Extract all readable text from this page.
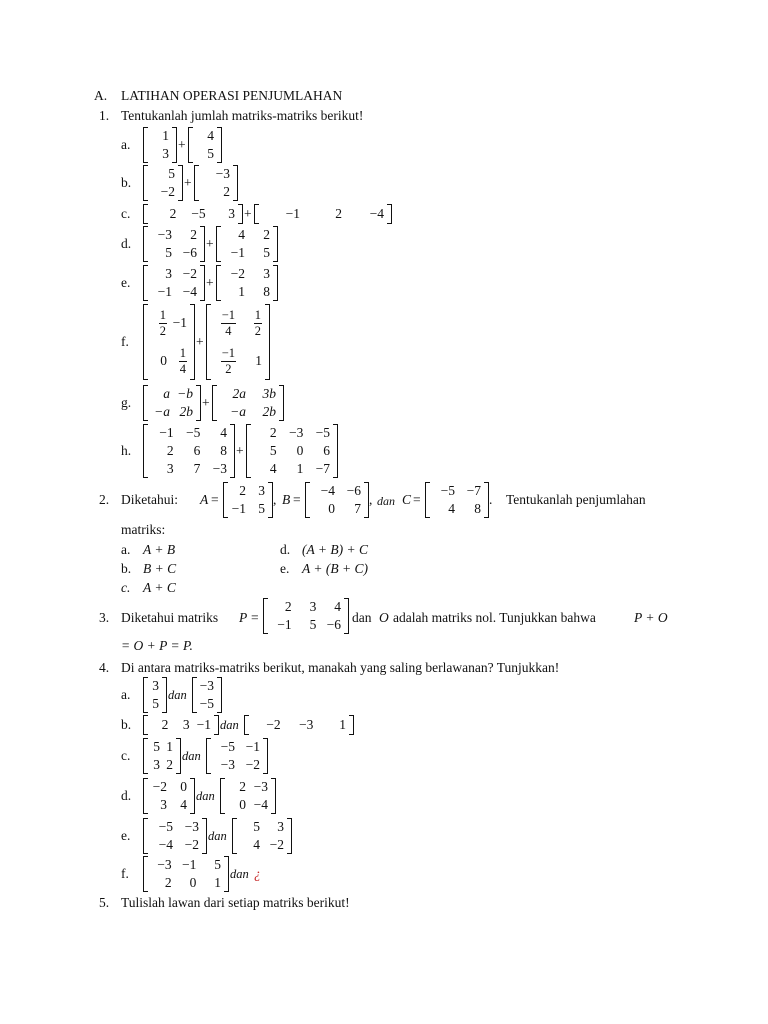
A. LATIHAN OPERASI PENJUMLAHAN
1. Tentukanlah jumlah matriks-matriks berikut!
2. Diketahui:	Tentukanlah penjumlahan
matriks:
3. Diketahui matriks	dan O adalah matriks nol. Tunjukkan bahwa	P + O
= O + P = P.
4. Di antara matriks-matriks berikut, manakah yang saling berlawanan? Tunjukkan!
5. Tulislah lawan dari setiap matriks berikut!
a.
1
3
+
4
5
b.
5
−2
+
−3
2
c.	2	−5	3 +	−1	2	−4
d.
−3	2
5 −6
+
4	2
−1	5
e.
3 −2
−1 −4
+
−2	3
1	8
f.
$\frac{1}{2} -1$
$0 \frac{1}{4}$
+
$\frac{-1}{4} \frac{1}{2}$
$\frac{-1}{2}$	1
g.
a −b
−a 2b
+
2a	3b
−a	2b
h.
−1 −5	4
2	6	8
3	7 −3
+
2 −3 −5
5	0	6
4	1 −7
A =
2 3
−1 5
, B =
−4 −6
0	7
, dan C =
−5 −7
4	8
.
a. A + B
b. B + C
c. A + C
d. (A + B) + C
e. A + (B + C)
P =
2	3	4
−1	5 −6
a.
3
5
dan
−3
−5
b.	2	3 −1 dan	−2	−3	1
c.
5 1
3 2
dan
−5 −1
−3 −2
d.
−2 0
3 4
dan
2 −3
0 −4
e.
−5 −3
−4 −2
dan
5	3
4 −2
f.
−3 −1	5
2	0	1
dan ¿
